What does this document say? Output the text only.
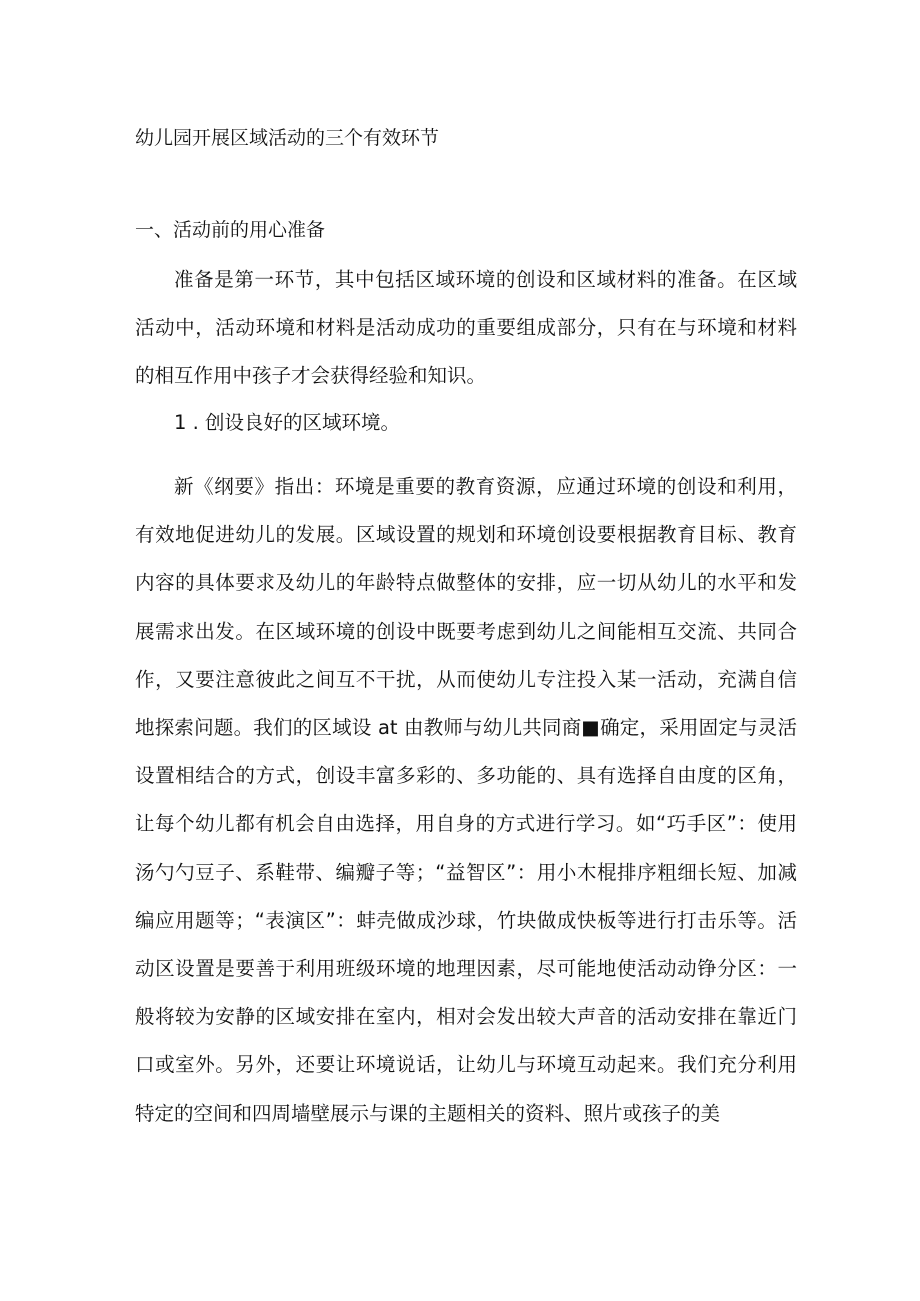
幼儿园开展区域活动的三个有效环节
一、活动前的用心准备

准备是第一环节，其中包括区域环境的创设和区域材料的准备。在区域活动中，活动环境和材料是活动成功的重要组成部分，只有在与环境和材料的相互作用中孩子才会获得经验和知识。

1 . 创设良好的区域环境。

新《纲要》指出：环境是重要的教育资源，应通过环境的创设和利用，有效地促进幼儿的发展。区域设置的规划和环境创设要根据教育目标、教育内容的具体要求及幼儿的年龄特点做整体的安排，应一切从幼儿的水平和发展需求出发。在区域环境的创设中既要考虑到幼儿之间能相互交流、共同合作，又要注意彼此之间互不干扰，从而使幼儿专注投入某一活动，充满自信地探索问题。我们的区域设 at 由教师与幼儿共同商■确定，采用固定与灵活设置相结合的方式，创设丰富多彩的、多功能的、具有选择自由度的区角，让每个幼儿都有机会自由选择，用自身的方式进行学习。如“巧手区”：使用汤勺勺豆子、系鞋带、编瓣子等；“益智区”：用小木棍排序粗细长短、加减编应用题等；“表演区”：蚌壳做成沙球，竹块做成快板等进行打击乐等。活动区设置是要善于利用班级环境的地理因素，尽可能地使活动动铮分区：一般将较为安静的区域安排在室内，相对会发出较大声音的活动安排在靠近门口或室外。另外，还要让环境说话，让幼儿与环境互动起来。我们充分利用特定的空间和四周墙壁展示与课的主题相关的资料、照片或孩子的美
